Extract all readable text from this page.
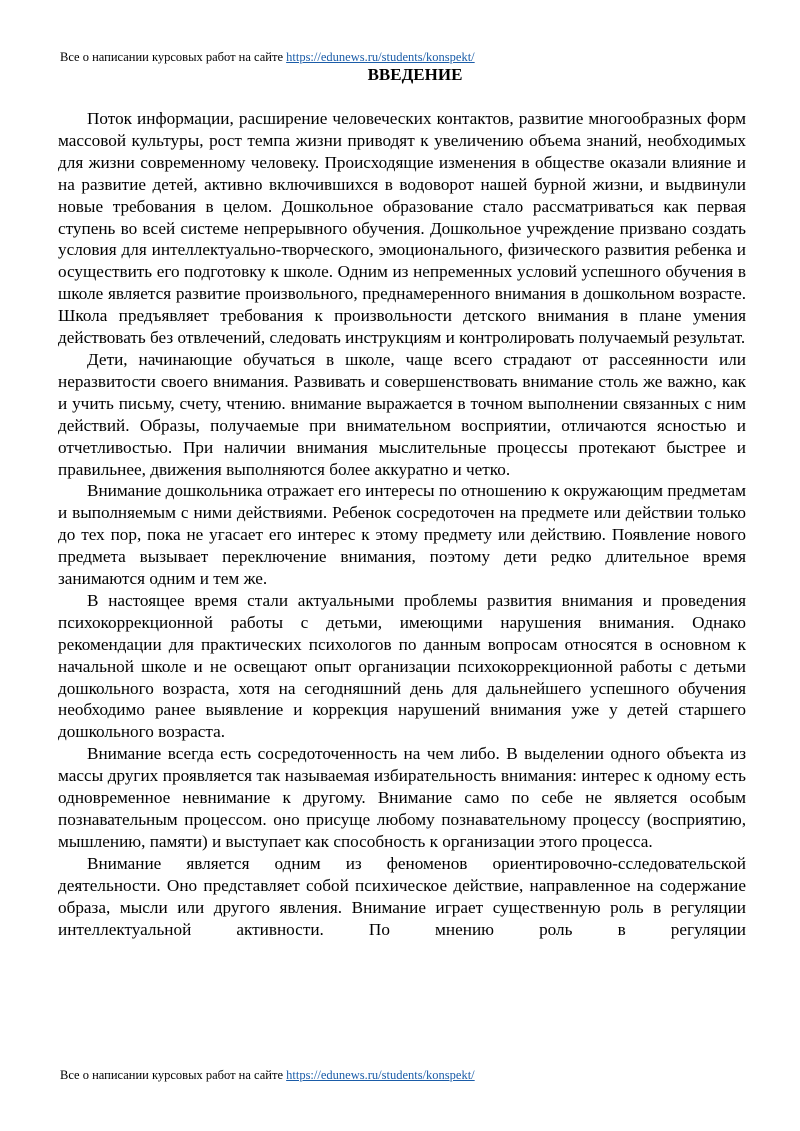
Все о написании курсовых работ на сайте https://edunews.ru/students/konspekt/
ВВЕДЕНИЕ

Поток информации, расширение человеческих контактов, развитие многообразных форм массовой культуры, рост темпа жизни приводят к увеличению объема знаний, необходимых для жизни современному человеку. Происходящие изменения в обществе оказали влияние и на развитие детей, активно включившихся в водоворот нашей бурной жизни, и выдвинули новые требования в целом. Дошкольное образование стало рассматриваться как первая ступень во всей системе непрерывного обучения. Дошкольное учреждение призвано создать условия для интеллектуально-творческого, эмоционального, физического развития ребенка и осуществить его подготовку к школе. Одним из непременных условий успешного обучения в школе является развитие произвольного, преднамеренного внимания в дошкольном возрасте. Школа предъявляет требования к произвольности детского внимания в плане умения действовать без отвлечений, следовать инструкциям и контролировать получаемый результат.

Дети, начинающие обучаться в школе, чаще всего страдают от рассеянности или неразвитости своего внимания. Развивать и совершенствовать внимание столь же важно, как и учить письму, счету, чтению. внимание выражается в точном выполнении связанных с ним действий. Образы, получаемые при внимательном восприятии, отличаются ясностью и отчетливостью. При наличии внимания мыслительные процессы протекают быстрее и правильнее, движения выполняются более аккуратно и четко.

Внимание дошкольника отражает его интересы по отношению к окружающим предметам и выполняемым с ними действиями. Ребенок сосредоточен на предмете или действии только до тех пор, пока не угасает его интерес к этому предмету или действию. Появление нового предмета вызывает переключение внимания, поэтому дети редко длительное время занимаются одним и тем же.

В настоящее время стали актуальными проблемы развития внимания и проведения психокоррекционной работы с детьми, имеющими нарушения внимания. Однако рекомендации для практических психологов по данным вопросам относятся в основном к начальной школе и не освещают опыт организации психокоррекционной работы с детьми дошкольного возраста, хотя на сегодняшний день для дальнейшего успешного обучения необходимо ранее выявление и коррекция нарушений внимания уже у детей старшего дошкольного возраста.

Внимание всегда есть сосредоточенность на чем либо. В выделении одного объекта из массы других проявляется так называемая избирательность внимания: интерес к одному есть одновременное невнимание к другому. Внимание само по себе не является особым познавательным процессом. оно присуще любому познавательному процессу (восприятию, мышлению, памяти) и выступает как способность к организации этого процесса.

Внимание является одним из феноменов ориентировочно-сследовательской деятельности. Оно представляет собой психическое действие, направленное на содержание образа, мысли или другого явления. Внимание играет существенную роль в регуляции интеллектуальной активности. По мнению роль в регуляции

Все о написании курсовых работ на сайте https://edunews.ru/students/konspekt/
